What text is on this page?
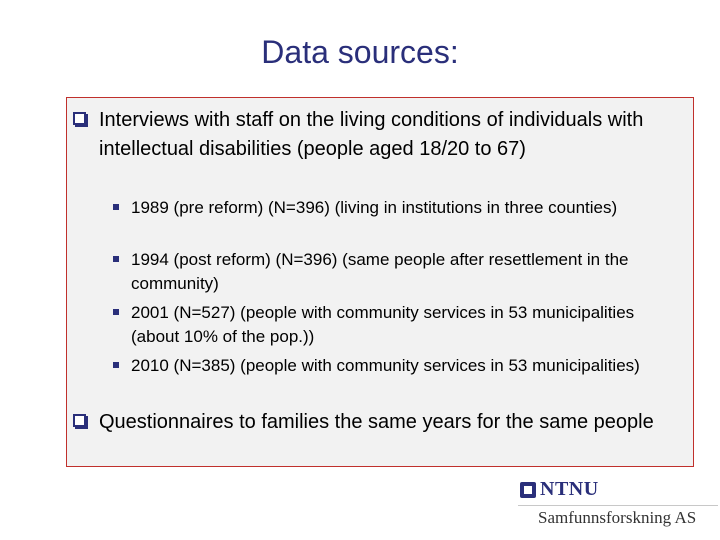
Data sources:
Interviews with staff on the living conditions of individuals with intellectual disabilities (people aged 18/20 to 67)
1989 (pre reform) (N=396) (living in institutions in three counties)
1994 (post reform) (N=396) (same people after resettlement in the community)
2001 (N=527) (people with community services in 53 municipalities (about 10% of the pop.))
2010 (N=385) (people with community services in 53 municipalities)
Questionnaires to families the same years for the same people
NTNU
Samfunnsforskning AS
